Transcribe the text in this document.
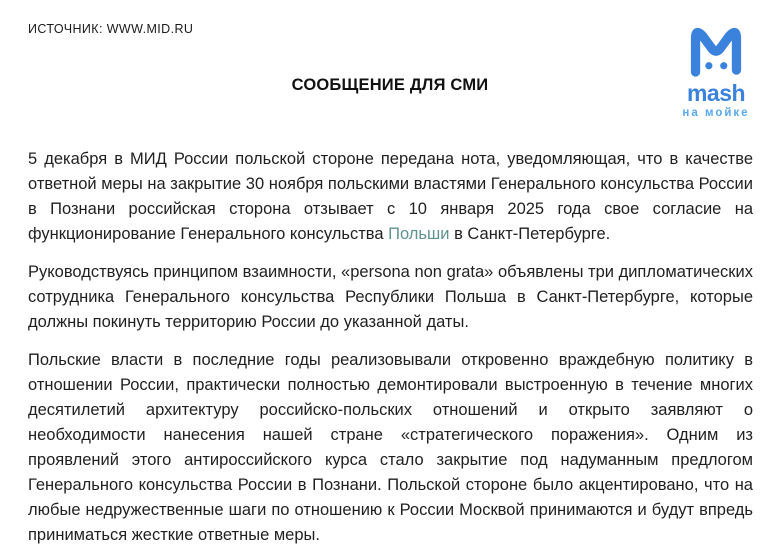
ИСТОЧНИК: WWW.MID.RU
mash
на мойке
СООБЩЕНИЕ ДЛЯ СМИ

5 декабря в МИД России польской стороне передана нота, уведомляющая, что в качестве ответной меры на закрытие 30 ноября польскими властями Генерального консульства России в Познани российская сторона отзывает с 10 января 2025 года свое согласие на функционирование Генерального консульства Польши в Санкт-Петербурге.

Руководствуясь принципом взаимности, «persona non grata» объявлены три дипломатических сотрудника Генерального консульства Республики Польша в Санкт-Петербурге, которые должны покинуть территорию России до указанной даты.

Польские власти в последние годы реализовывали откровенно враждебную политику в отношении России, практически полностью демонтировали выстроенную в течение многих десятилетий архитектуру российско-польских отношений и открыто заявляют о необходимости нанесения нашей стране «стратегического поражения». Одним из проявлений этого антироссийского курса стало закрытие под надуманным предлогом Генерального консульства России в Познани. Польской стороне было акцентировано, что на любые недружественные шаги по отношению к России Москвой принимаются и будут впредь приниматься жесткие ответные меры.
